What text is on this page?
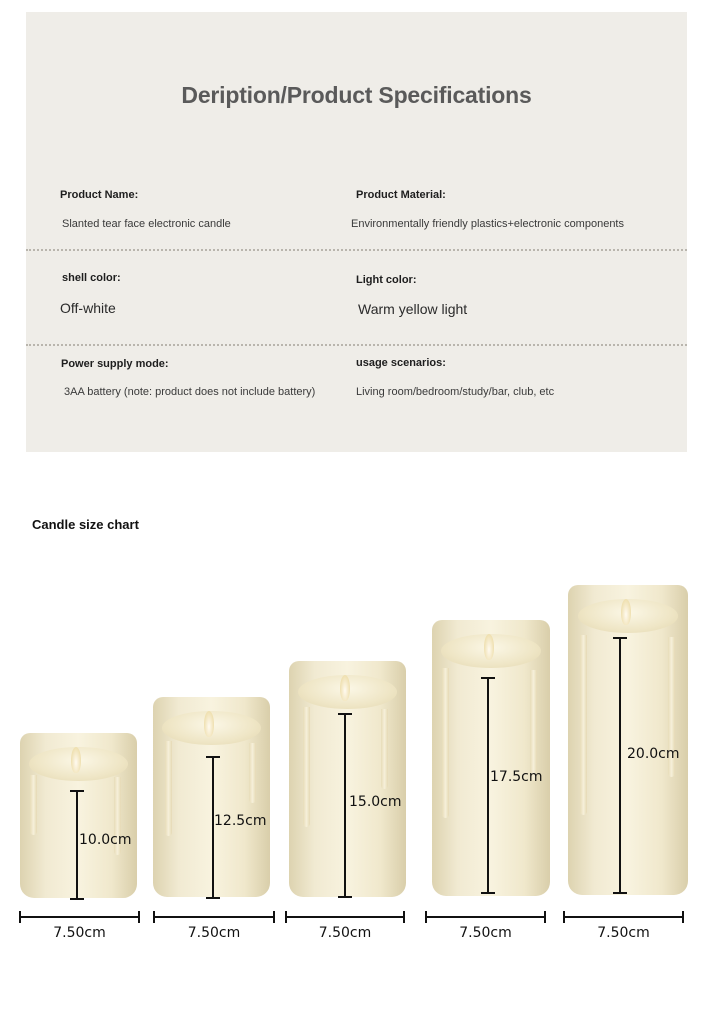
Deription/Product Specifications
Product Name:
Slanted tear face electronic candle
Product Material:
Environmentally friendly plastics+electronic components
shell color:
Off-white
Light color:
Warm yellow light
Power supply mode:
3AA battery (note: product does not include battery)
usage scenarios:
Living room/bedroom/study/bar, club, etc
Candle size chart
10.0cm
7.50cm
12.5cm
7.50cm
15.0cm
7.50cm
17.5cm
7.50cm
20.0cm
7.50cm
